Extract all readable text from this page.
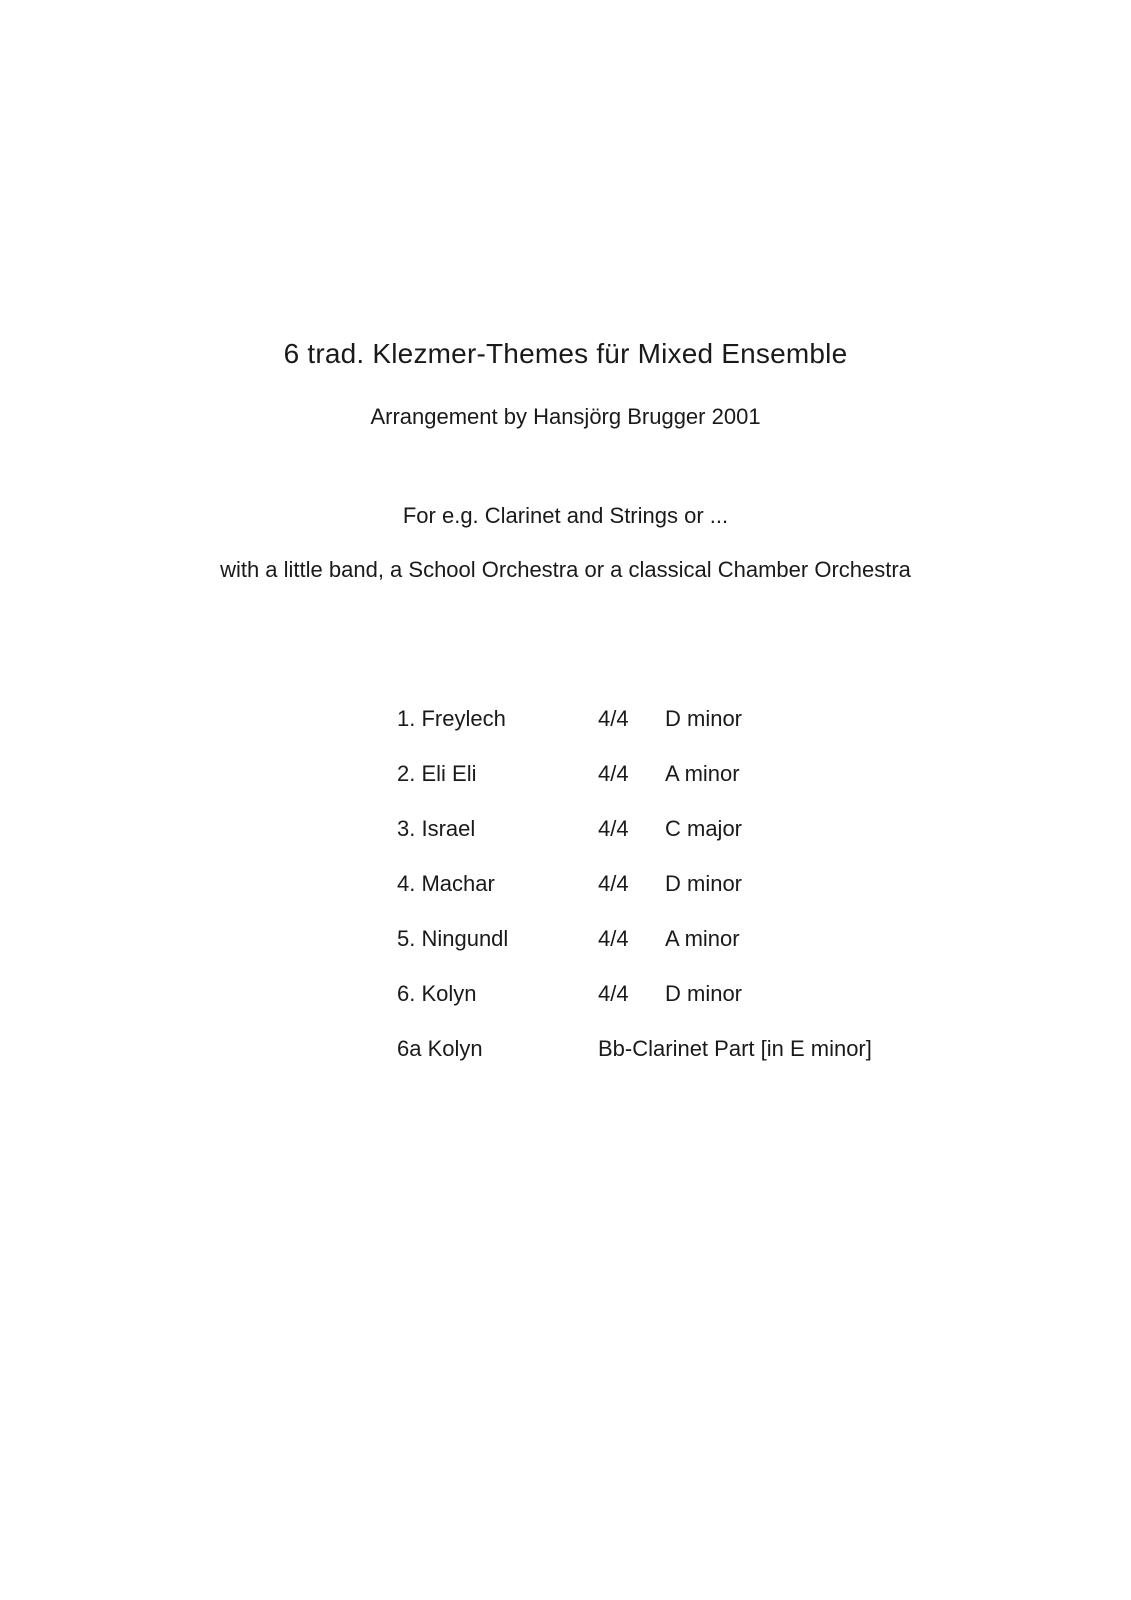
6 trad. Klezmer-Themes für Mixed Ensemble
Arrangement by Hansjörg Brugger 2001
For e.g. Clarinet and Strings or ...
with a little band, a School Orchestra or a classical Chamber Orchestra
1. Freylech	4/4 D minor
2. Eli Eli	4/4 A minor
3. Israel	4/4 C major
4. Machar	4/4 D minor
5. Ningundl	4/4 A minor
6. Kolyn	4/4 D minor
6a Kolyn	Bb-Clarinet Part [in E minor]
